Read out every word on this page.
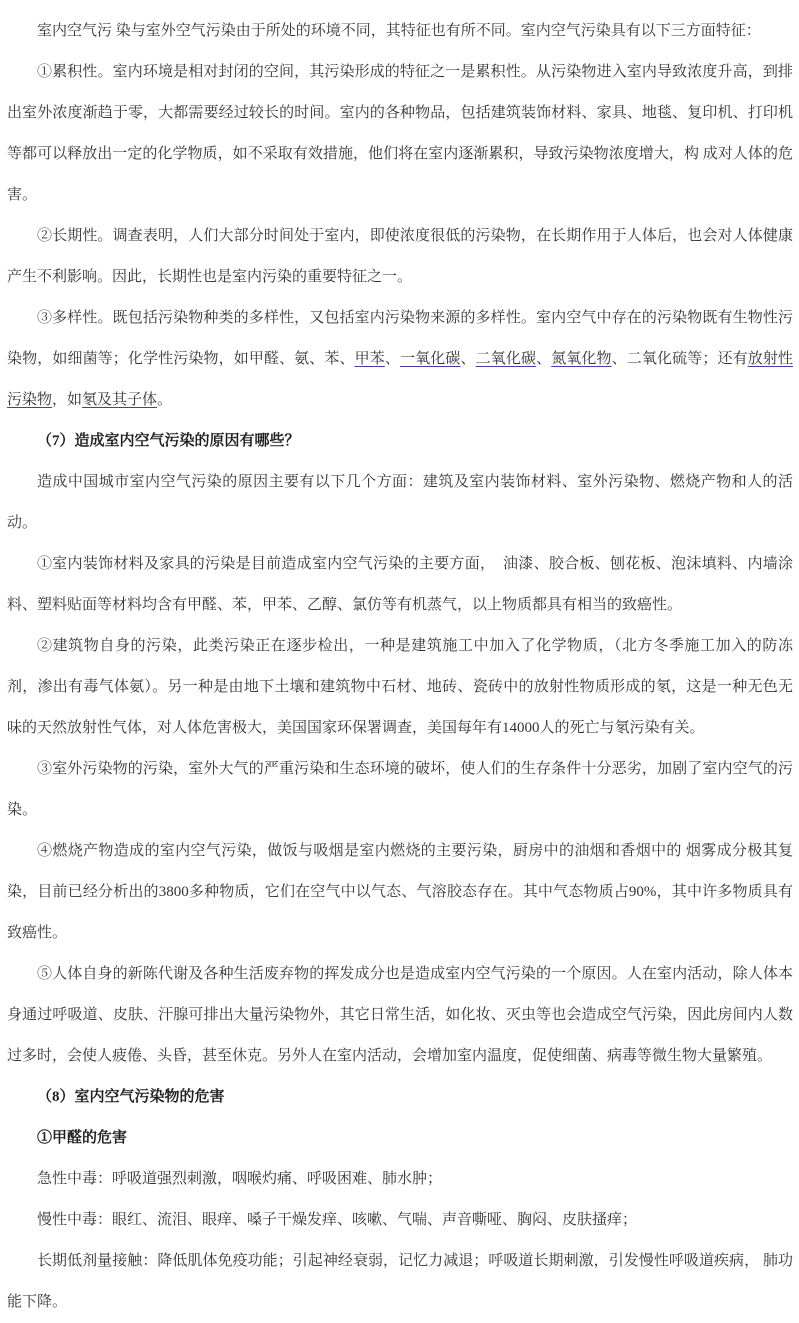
室内空气污 染与室外空气污染由于所处的环境不同，其特征也有所不同。室内空气污染具有以下三方面特征：

①累积性。室内环境是相对封闭的空间，其污染形成的特征之一是累积性。从污染物进入室内导致浓度升高，到排出室外浓度渐趋于零，大都需要经过较长的时间。室内的各种物品，包括建筑装饰材料、家具、地毯、复印机、打印机等都可以释放出一定的化学物质，如不采取有效措施，他们将在室内逐渐累积，导致污染物浓度增大，构 成对人体的危害。

②长期性。调查表明，人们大部分时间处于室内，即使浓度很低的污染物，在长期作用于人体后，也会对人体健康产生不利影响。因此，长期性也是室内污染的重要特征之一。

③多样性。既包括污染物种类的多样性，又包括室内污染物来源的多样性。室内空气中存在的污染物既有生物性污染物，如细菌等；化学性污染物，如甲醛、氨、苯、甲苯、一氧化碳、二氧化碳、氮氧化物、二氧化硫等；还有放射性污染物，如氡及其子体。

（7）造成室内空气污染的原因有哪些？

造成中国城市室内空气污染的原因主要有以下几个方面：建筑及室内装饰材料、室外污染物、燃烧产物和人的活动。

①室内装饰材料及家具的污染是目前造成室内空气污染的主要方面，　油漆、胶合板、刨花板、泡沫填料、内墙涂料、塑料贴面等材料均含有甲醛、苯，甲苯、乙醇、氯仿等有机蒸气，以上物质都具有相当的致癌性。

②建筑物自身的污染，此类污染正在逐步检出，一种是建筑施工中加入了化学物质，（北方冬季施工加入的防冻剂，渗出有毒气体氨）。另一种是由地下土壤和建筑物中石材、地砖、瓷砖中的放射性物质形成的氡，这是一种无色无味的天然放射性气体，对人体危害极大，美国国家环保署调查，美国每年有14000人的死亡与氡污染有关。

③室外污染物的污染，室外大气的严重污染和生态环境的破坏，使人们的生存条件十分恶劣，加剧了室内空气的污染。

④燃烧产物造成的室内空气污染，做饭与吸烟是室内燃烧的主要污染，厨房中的油烟和香烟中的 烟雾成分极其复染，目前已经分析出的3800多种物质，它们在空气中以气态、气溶胶态存在。其中气态物质占90%，其中许多物质具有致癌性。

⑤人体自身的新陈代谢及各种生活废弃物的挥发成分也是造成室内空气污染的一个原因。人在室内活动，除人体本身通过呼吸道、皮肤、汗腺可排出大量污染物外，其它日常生活，如化妆、灭虫等也会造成空气污染，因此房间内人数过多时，会使人疲倦、头昏，甚至休克。另外人在室内活动，会增加室内温度，促使细菌、病毒等微生物大量繁殖。

（8）室内空气污染物的危害

①甲醛的危害

急性中毒：呼吸道强烈刺激，咽喉灼痛、呼吸困难、肺水肿；

慢性中毒：眼红、流泪、眼痒、嗓子干燥发痒、咳嗽、气喘、声音嘶哑、胸闷、皮肤搔痒；

长期低剂量接触：降低肌体免疫功能；引起神经衰弱，记忆力减退；呼吸道长期刺激，引发慢性呼吸道疾病， 肺功能下降。
